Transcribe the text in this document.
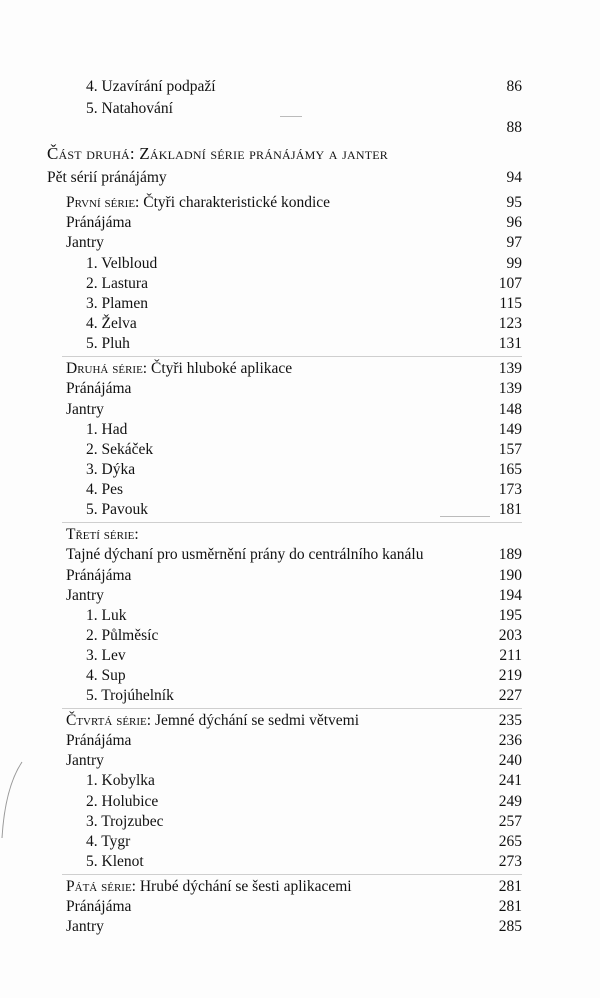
4. Uzavírání podpaží	86
5. Natahování
88
Část druhá: Základní série pránájámy a janter
Pět sérií pránájámy	94
První série: Čtyři charakteristické kondice	95
Pránájáma	96
Jantry	97
1. Velbloud	99
2. Lastura	107
3. Plamen	115
4. Želva	123
5. Pluh	131
Druhá série: Čtyři hluboké aplikace	139
Pránájáma	139
Jantry	148
1. Had	149
2. Sekáček	157
3. Dýka	165
4. Pes	173
5. Pavouk	181
Třetí série:
Tajné dýchaní pro usměrnění prány do centrálního kanálu	189
Pránájáma	190
Jantry	194
1. Luk	195
2. Půlměsíc	203
3. Lev	211
4. Sup	219
5. Trojúhelník	227
Čtvrtá série: Jemné dýchání se sedmi větvemi	235
Pránájáma	236
Jantry	240
1. Kobylka	241
2. Holubice	249
3. Trojzubec	257
4. Tygr	265
5. Klenot	273
Pátá série: Hrubé dýchání se šesti aplikacemi	281
Pránájáma	281
Jantry	285
